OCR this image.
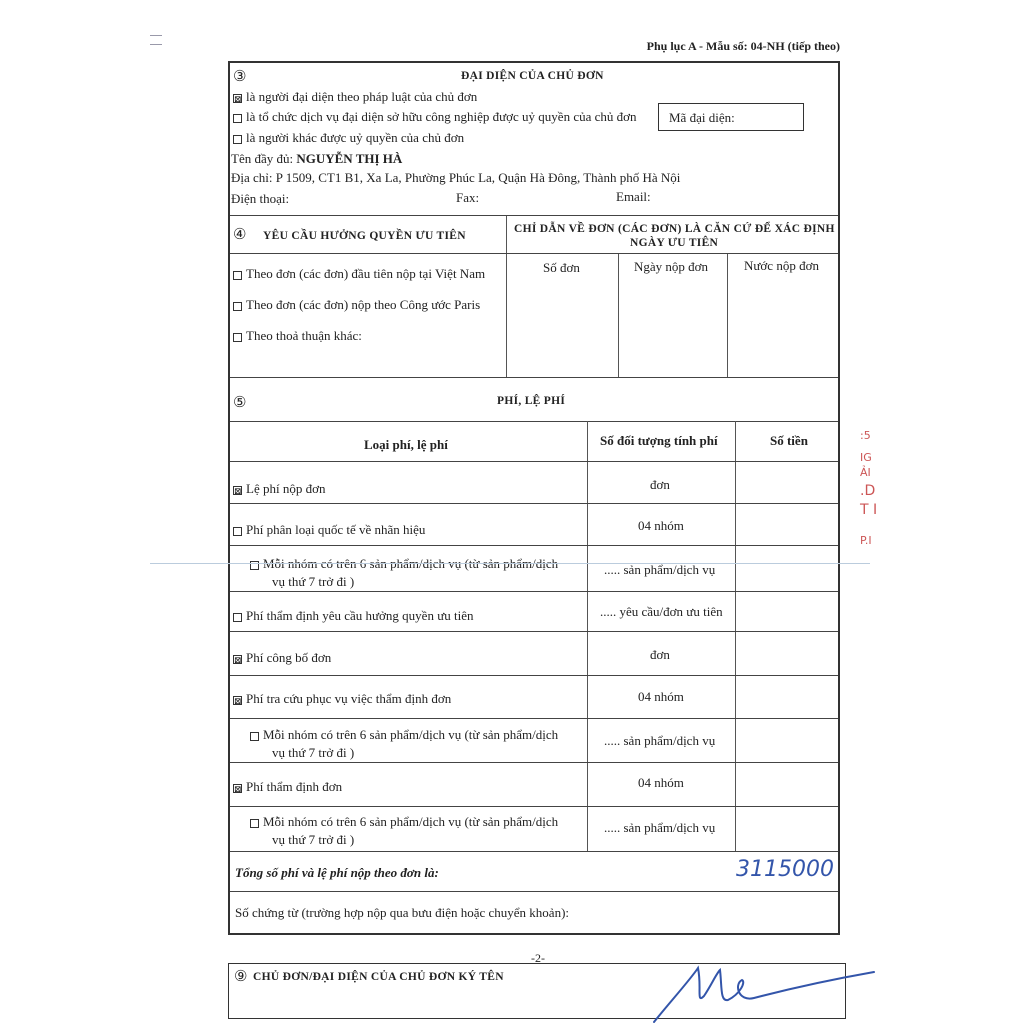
Phụ lục A - Mẫu số: 04-NH (tiếp theo)
③	ĐẠI DIỆN CỦA CHỦ ĐƠN
⊠ là người đại diện theo pháp luật của chủ đơn
là tổ chức dịch vụ đại diện sở hữu công nghiệp được uỷ quyền của chủ đơn
là người khác được uỷ quyền của chủ đơn
Tên đầy đủ: NGUYỄN THỊ HÀ
Địa chỉ: P 1509, CT1 B1, Xa La, Phường Phúc La, Quận Hà Đông, Thành phố Hà Nội
Điện thoại:	Fax:	Email:
④ YÊU CẦU HƯỞNG QUYỀN ƯU TIÊN
CHỈ DẪN VỀ ĐƠN (CÁC ĐƠN) LÀ CĂN CỨ ĐỂ XÁC ĐỊNH
NGÀY ƯU TIÊN
Theo đơn (các đơn) đầu tiên nộp tại Việt Nam
Theo đơn (các đơn) nộp theo Công ước Paris
Theo thoả thuận khác:
Số đơn	Ngày nộp đơn	Nước nộp đơn
⑤	PHÍ, LỆ PHÍ
Loại phí, lệ phí	Số đối tượng tính phí	Số tiền
⊠ Lệ phí nộp đơn	đơn
Phí phân loại quốc tế về nhãn hiệu	04 nhóm
Mỗi nhóm có trên 6 sản phẩm/dịch vụ (từ sản phẩm/dịch
vụ thứ 7 trở đi )
..... sản phẩm/dịch vụ
Phí thẩm định yêu cầu hưởng quyền ưu tiên	..... yêu cầu/đơn ưu tiên
⊠ Phí công bố đơn	đơn
⊠ Phí tra cứu phục vụ việc thẩm định đơn	04 nhóm
Mỗi nhóm có trên 6 sản phẩm/dịch vụ (từ sản phẩm/dịch
vụ thứ 7 trở đi )
..... sản phẩm/dịch vụ
⊠ Phí thẩm định đơn	04 nhóm
Mỗi nhóm có trên 6 sản phẩm/dịch vụ (từ sản phẩm/dịch
vụ thứ 7 trở đi )
..... sản phẩm/dịch vụ
Tổng số phí và lệ phí nộp theo đơn là:	3115000
Số chứng từ (trường hợp nộp qua bưu điện hoặc chuyển khoản):
Mã đại diện:
:5
IG
ẢI
.D
T I
P.I
-2-
⑨ CHỦ ĐƠN/ĐẠI DIỆN CỦA CHỦ ĐƠN KÝ TÊN
